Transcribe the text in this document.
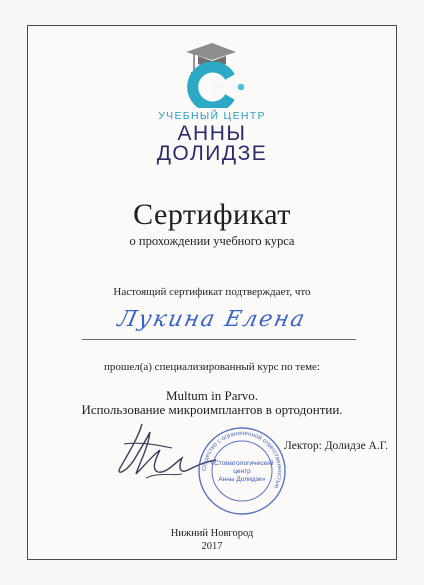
УЧЕБНЫЙ ЦЕНТР
АННЫ
ДОЛИДЗЕ
Сертификат
о прохождении учебного курса
Настоящий сертификат подтверждает, что
Лукина Елена
прошел(а) специализированный курс по теме:
Multum in Parvo.
Использование микроимплантов в ортодонтии.
Общество с ограниченной ответственностью
«Стоматологический
центр
Анны Долидзе»
Лектор: Долидзе А.Г.
Нижний Новгород
2017
